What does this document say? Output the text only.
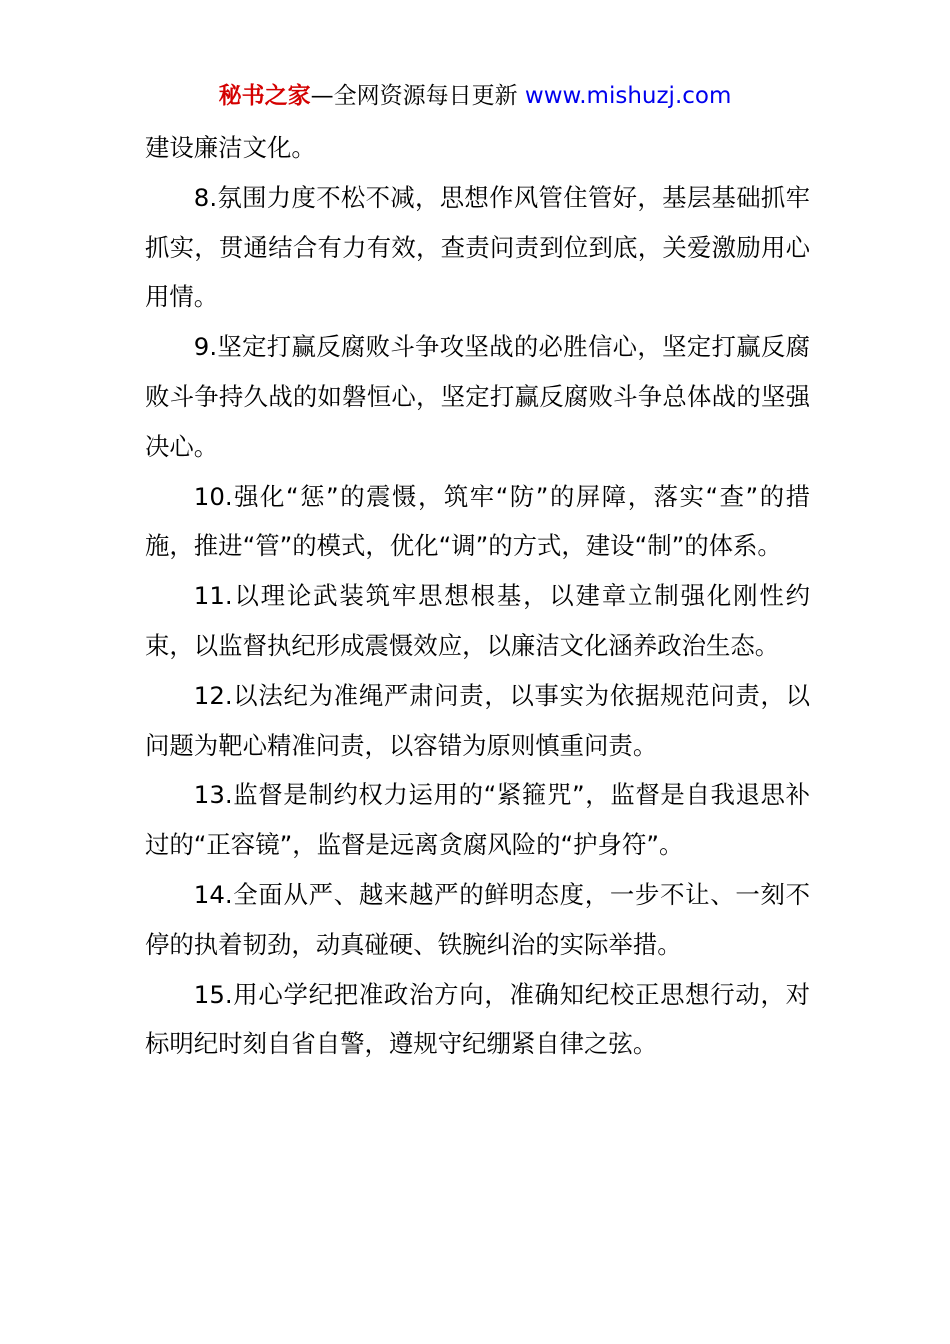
秘书之家—全网资源每日更新 www.mishuzj.com

建设廉洁文化。

8.氛围力度不松不减，思想作风管住管好，基层基础抓牢抓实，贯通结合有力有效，查责问责到位到底，关爱激励用心用情。

9.坚定打赢反腐败斗争攻坚战的必胜信心，坚定打赢反腐败斗争持久战的如磐恒心，坚定打赢反腐败斗争总体战的坚强决心。

10.强化“惩”的震慑，筑牢“防”的屏障，落实“查”的措施，推进“管”的模式，优化“调”的方式，建设“制”的体系。

11.以理论武装筑牢思想根基，以建章立制强化刚性约束，以监督执纪形成震慑效应，以廉洁文化涵养政治生态。

12.以法纪为准绳严肃问责，以事实为依据规范问责，以问题为靶心精准问责，以容错为原则慎重问责。

13.监督是制约权力运用的“紧箍咒”，监督是自我退思补过的“正容镜”，监督是远离贪腐风险的“护身符”。

14.全面从严、越来越严的鲜明态度，一步不让、一刻不停的执着韧劲，动真碰硬、铁腕纠治的实际举措。

15.用心学纪把准政治方向，准确知纪校正思想行动，对标明纪时刻自省自警，遵规守纪绷紧自律之弦。
